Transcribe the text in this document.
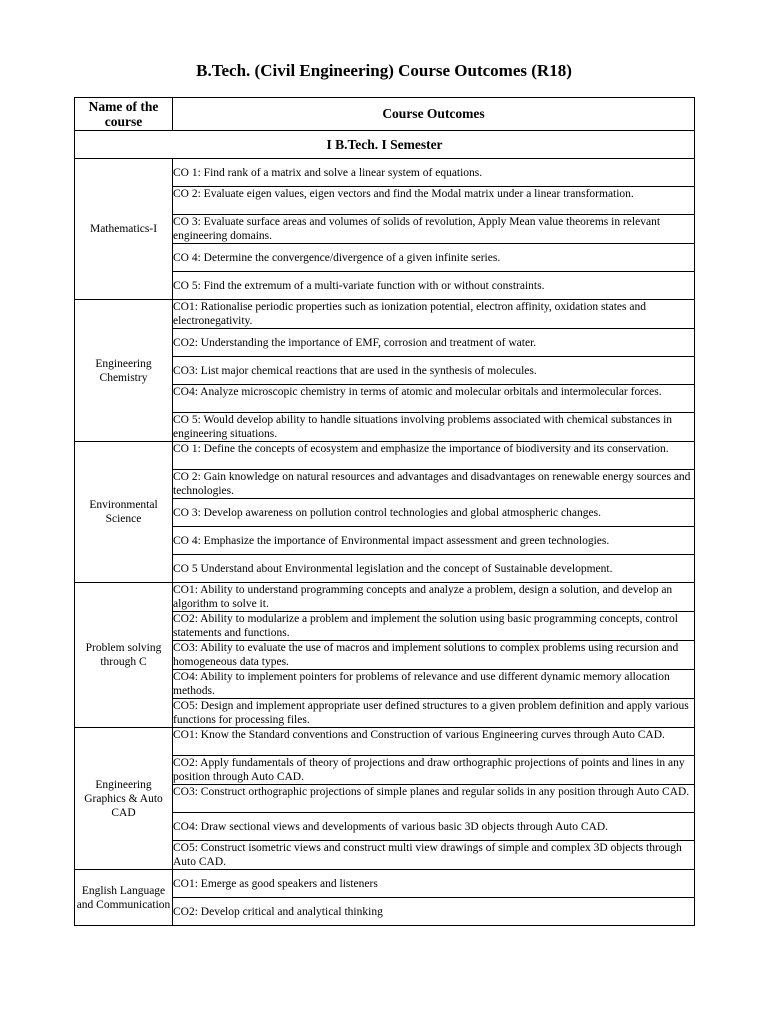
B.Tech. (Civil Engineering) Course Outcomes (R18)
Name of the course	Course Outcomes
I B.Tech. I Semester	
Mathematics-I	CO 1: Find rank of a matrix and solve a linear system of equations.
	CO 2: Evaluate eigen values, eigen vectors and find the Modal matrix under a linear transformation.
	CO 3: Evaluate surface areas and volumes of solids of revolution, Apply Mean value theorems in relevant engineering domains.
	CO 4: Determine the convergence/divergence of a given infinite series.
	CO 5: Find the extremum of a multi-variate function with or without constraints.
Engineering Chemistry	CO1: Rationalise periodic properties such as ionization potential, electron affinity, oxidation states and electronegativity.
	CO2: Understanding the importance of EMF, corrosion and treatment of water.
	CO3: List major chemical reactions that are used in the synthesis of molecules.
	CO4: Analyze microscopic chemistry in terms of atomic and molecular orbitals and intermolecular forces.
	CO 5: Would develop ability to handle situations involving problems associated with chemical substances in engineering situations.
Environmental Science	CO 1: Define the concepts of ecosystem and emphasize the importance of biodiversity and its conservation.
	CO 2: Gain knowledge on natural resources and advantages and disadvantages on renewable energy sources and technologies.
	CO 3: Develop awareness on pollution control technologies and global atmospheric changes.
	CO 4: Emphasize the importance of Environmental impact assessment and green technologies.
	CO 5 Understand about Environmental legislation and the concept of Sustainable development.
Problem solving through C	CO1: Ability to understand programming concepts and analyze a problem, design a solution, and develop an algorithm to solve it.
	CO2: Ability to modularize a problem and implement the solution using basic programming concepts, control statements and functions.
	CO3: Ability to evaluate the use of macros and implement solutions to complex problems using recursion and homogeneous data types.
	CO4: Ability to implement pointers for problems of relevance and use different dynamic memory allocation methods.
	CO5: Design and implement appropriate user defined structures to a given problem definition and apply various functions for processing files.
Engineering Graphics & Auto CAD	CO1: Know the Standard conventions and Construction of various Engineering curves through Auto CAD.
	CO2: Apply fundamentals of theory of projections and draw orthographic projections of points and lines in any position through Auto CAD.
	CO3: Construct orthographic projections of simple planes and regular solids in any position through Auto CAD.
	CO4: Draw sectional views and developments of various basic 3D objects through Auto CAD.
	CO5: Construct isometric views and construct multi view drawings of simple and complex 3D objects through Auto CAD.
English Language and Communication	CO1: Emerge as good speakers and listeners
	CO2: Develop critical and analytical thinking
